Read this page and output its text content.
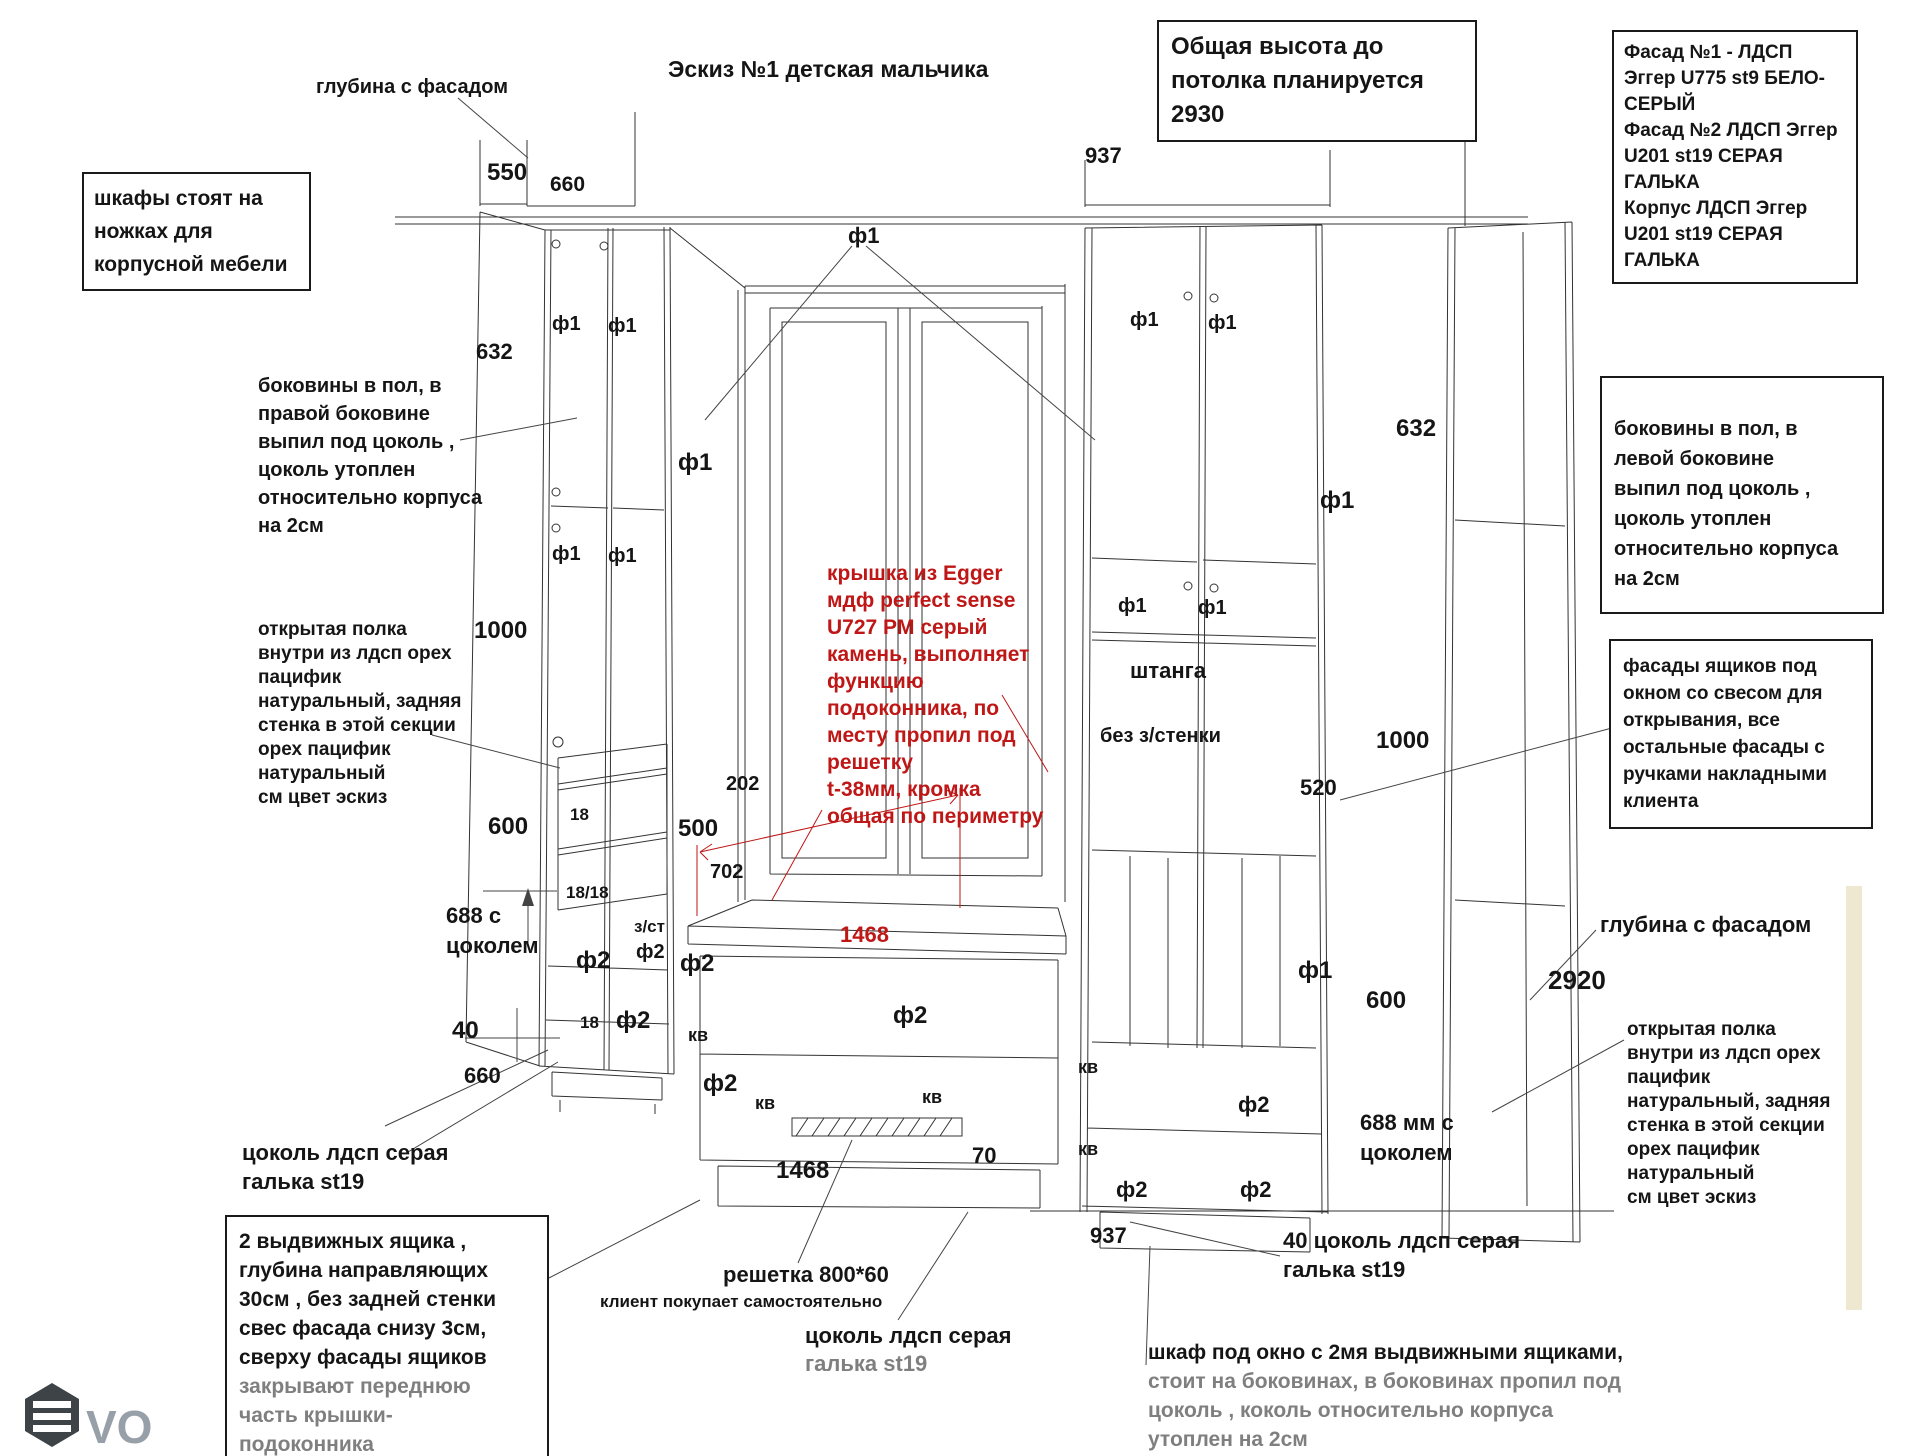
VO
шкафы стоят на
ножках для
корпусной мебели
глубина с фасадом
Эскиз №1 детская мальчика
Общая высота до
потолка планируется
2930
Фасад №1 - ЛДСП
Эггер U775 st9 БЕЛО-
СЕРЫЙ
Фасад №2 ЛДСП Эггер
U201 st19 СЕРАЯ
ГАЛЬКА
Корпус ЛДСП Эггер
U201 st19 СЕРАЯ
ГАЛЬКА
боковины в пол, в
правой боковине
выпил под цоколь ,
цоколь утоплен
относительно корпуса
на 2см
открытая полка
внутри из лдсп орех
пацифик
натуральный, задняя
стенка в этой секции
орех пацифик
натуральный
см цвет эскиз
крышка из Egger
мдф perfect sense
U727 PM серый
камень, выполняет
функцию
подоконника, по
месту пропил под
решетку
t-38мм, кромка
общая по периметру
штанга
без з/стенки
боковины в пол, в
левой боковине
выпил под цоколь ,
цоколь утоплен
относительно корпуса
на 2см
фасады ящиков под
окном со свесом для
открывания, все
остальные фасады с
ручками накладными
клиента
глубина с фасадом
2920
открытая полка
внутри из лдсп орех
пацифик
натуральный, задняя
стенка в этой секции
орех пацифик
натуральный
см цвет эскиз
688 мм с
цоколем
40 цоколь лдсп серая
галька st19
цоколь лдсп серая
галька st19
2 выдвижных ящика ,
глубина направляющих
30см , без задней стенки
свес фасада снизу 3см,
сверху фасады ящиков
закрывают переднюю
часть крышки-
подоконника
решетка 800*60
клиент покупает самостоятельно
цоколь лдсп серая
галька st19	шкаф под окно с 2мя выдвижными ящиками,
стоит на боковинах, в боковинах пропил под
цоколь , коколь относительно корпуса
утоплен на 2см
688 с
цоколем
550 660
937
632
1000
600 18
18/18
40
660
202
500
702
1468
з/ст
ф2
ф2	ф2
ф2
18
кв
ф2
кв
ф2
кв
70
1468
937
ф1
ф1 ф1
ф1
ф1 ф1
ф1 ф1
ф1	ф1
632
ф1
1000
520
600
ф1
кв
ф2
кв
ф2	ф2
